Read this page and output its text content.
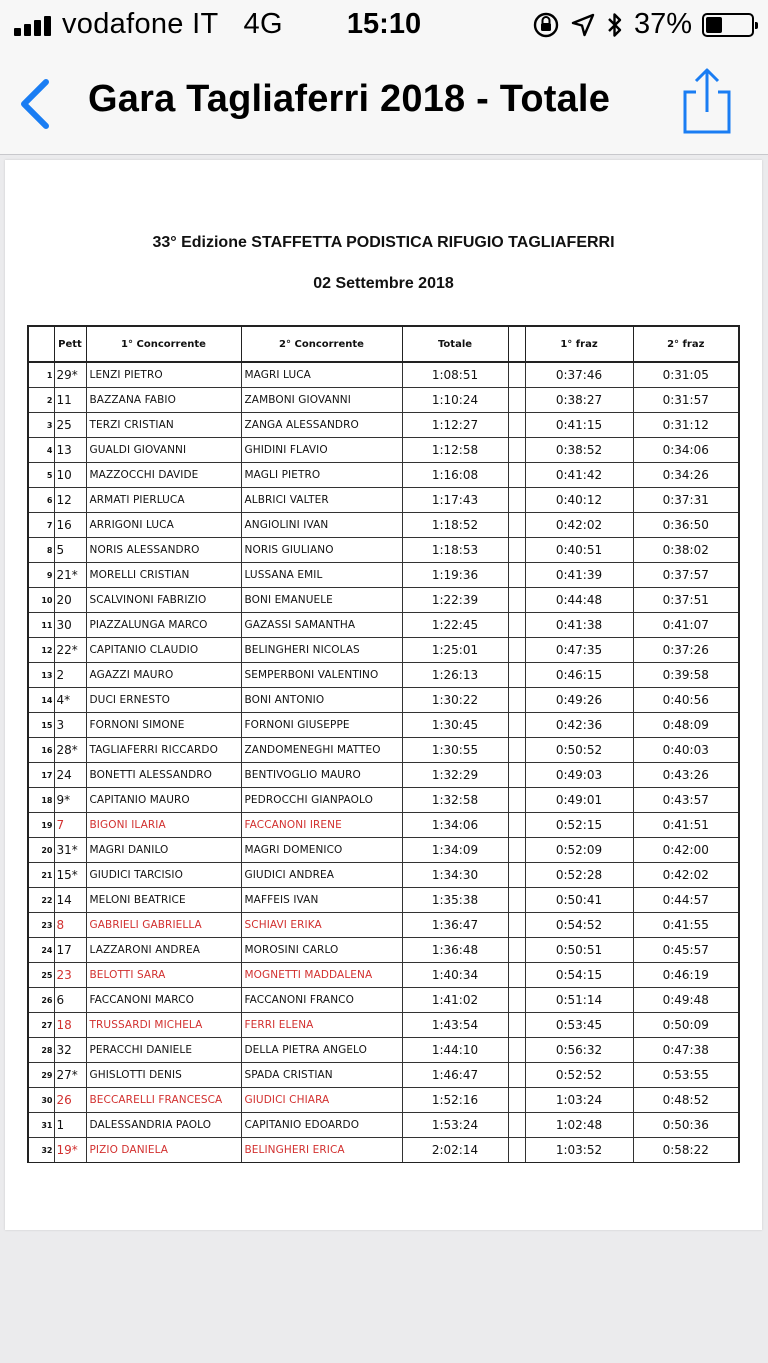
vodafone IT 4G	15:10	37%
Gara Tagliaferri 2018 - Totale
33° Edizione STAFFETTA PODISTICA RIFUGIO TAGLIAFERRI
02 Settembre 2018
	Pett	1° Concorrente	2° Concorrente	Totale		1° fraz	2° fraz
1	29*	LENZI PIETRO	MAGRI LUCA	1:08:51		0:37:46	0:31:05
2	11	BAZZANA FABIO	ZAMBONI GIOVANNI	1:10:24		0:38:27	0:31:57
3	25	TERZI CRISTIAN	ZANGA ALESSANDRO	1:12:27		0:41:15	0:31:12
4	13	GUALDI GIOVANNI	GHIDINI FLAVIO	1:12:58		0:38:52	0:34:06
5	10	MAZZOCCHI DAVIDE	MAGLI PIETRO	1:16:08		0:41:42	0:34:26
6	12	ARMATI PIERLUCA	ALBRICI VALTER	1:17:43		0:40:12	0:37:31
7	16	ARRIGONI LUCA	ANGIOLINI IVAN	1:18:52		0:42:02	0:36:50
8	5	NORIS ALESSANDRO	NORIS GIULIANO	1:18:53		0:40:51	0:38:02
9	21*	MORELLI CRISTIAN	LUSSANA EMIL	1:19:36		0:41:39	0:37:57
10	20	SCALVINONI FABRIZIO	BONI EMANUELE	1:22:39		0:44:48	0:37:51
11	30	PIAZZALUNGA MARCO	GAZASSI SAMANTHA	1:22:45		0:41:38	0:41:07
12	22*	CAPITANIO CLAUDIO	BELINGHERI NICOLAS	1:25:01		0:47:35	0:37:26
13	2	AGAZZI MAURO	SEMPERBONI VALENTINO	1:26:13		0:46:15	0:39:58
14	4*	DUCI ERNESTO	BONI ANTONIO	1:30:22		0:49:26	0:40:56
15	3	FORNONI SIMONE	FORNONI GIUSEPPE	1:30:45		0:42:36	0:48:09
16	28*	TAGLIAFERRI RICCARDO	ZANDOMENEGHI MATTEO	1:30:55		0:50:52	0:40:03
17	24	BONETTI ALESSANDRO	BENTIVOGLIO MAURO	1:32:29		0:49:03	0:43:26
18	9*	CAPITANIO MAURO	PEDROCCHI GIANPAOLO	1:32:58		0:49:01	0:43:57
19	7	BIGONI ILARIA	FACCANONI IRENE	1:34:06		0:52:15	0:41:51
20	31*	MAGRI DANILO	MAGRI DOMENICO	1:34:09		0:52:09	0:42:00
21	15*	GIUDICI TARCISIO	GIUDICI ANDREA	1:34:30		0:52:28	0:42:02
22	14	MELONI BEATRICE	MAFFEIS IVAN	1:35:38		0:50:41	0:44:57
23	8	GABRIELI GABRIELLA	SCHIAVI ERIKA	1:36:47		0:54:52	0:41:55
24	17	LAZZARONI ANDREA	MOROSINI CARLO	1:36:48		0:50:51	0:45:57
25	23	BELOTTI SARA	MOGNETTI MADDALENA	1:40:34		0:54:15	0:46:19
26	6	FACCANONI MARCO	FACCANONI FRANCO	1:41:02		0:51:14	0:49:48
27	18	TRUSSARDI MICHELA	FERRI ELENA	1:43:54		0:53:45	0:50:09
28	32	PERACCHI DANIELE	DELLA PIETRA ANGELO	1:44:10		0:56:32	0:47:38
29	27*	GHISLOTTI DENIS	SPADA CRISTIAN	1:46:47		0:52:52	0:53:55
30	26	BECCARELLI FRANCESCA	GIUDICI CHIARA	1:52:16		1:03:24	0:48:52
31	1	DALESSANDRIA PAOLO	CAPITANIO EDOARDO	1:53:24		1:02:48	0:50:36
32	19*	PIZIO DANIELA	BELINGHERI ERICA	2:02:14		1:03:52	0:58:22
